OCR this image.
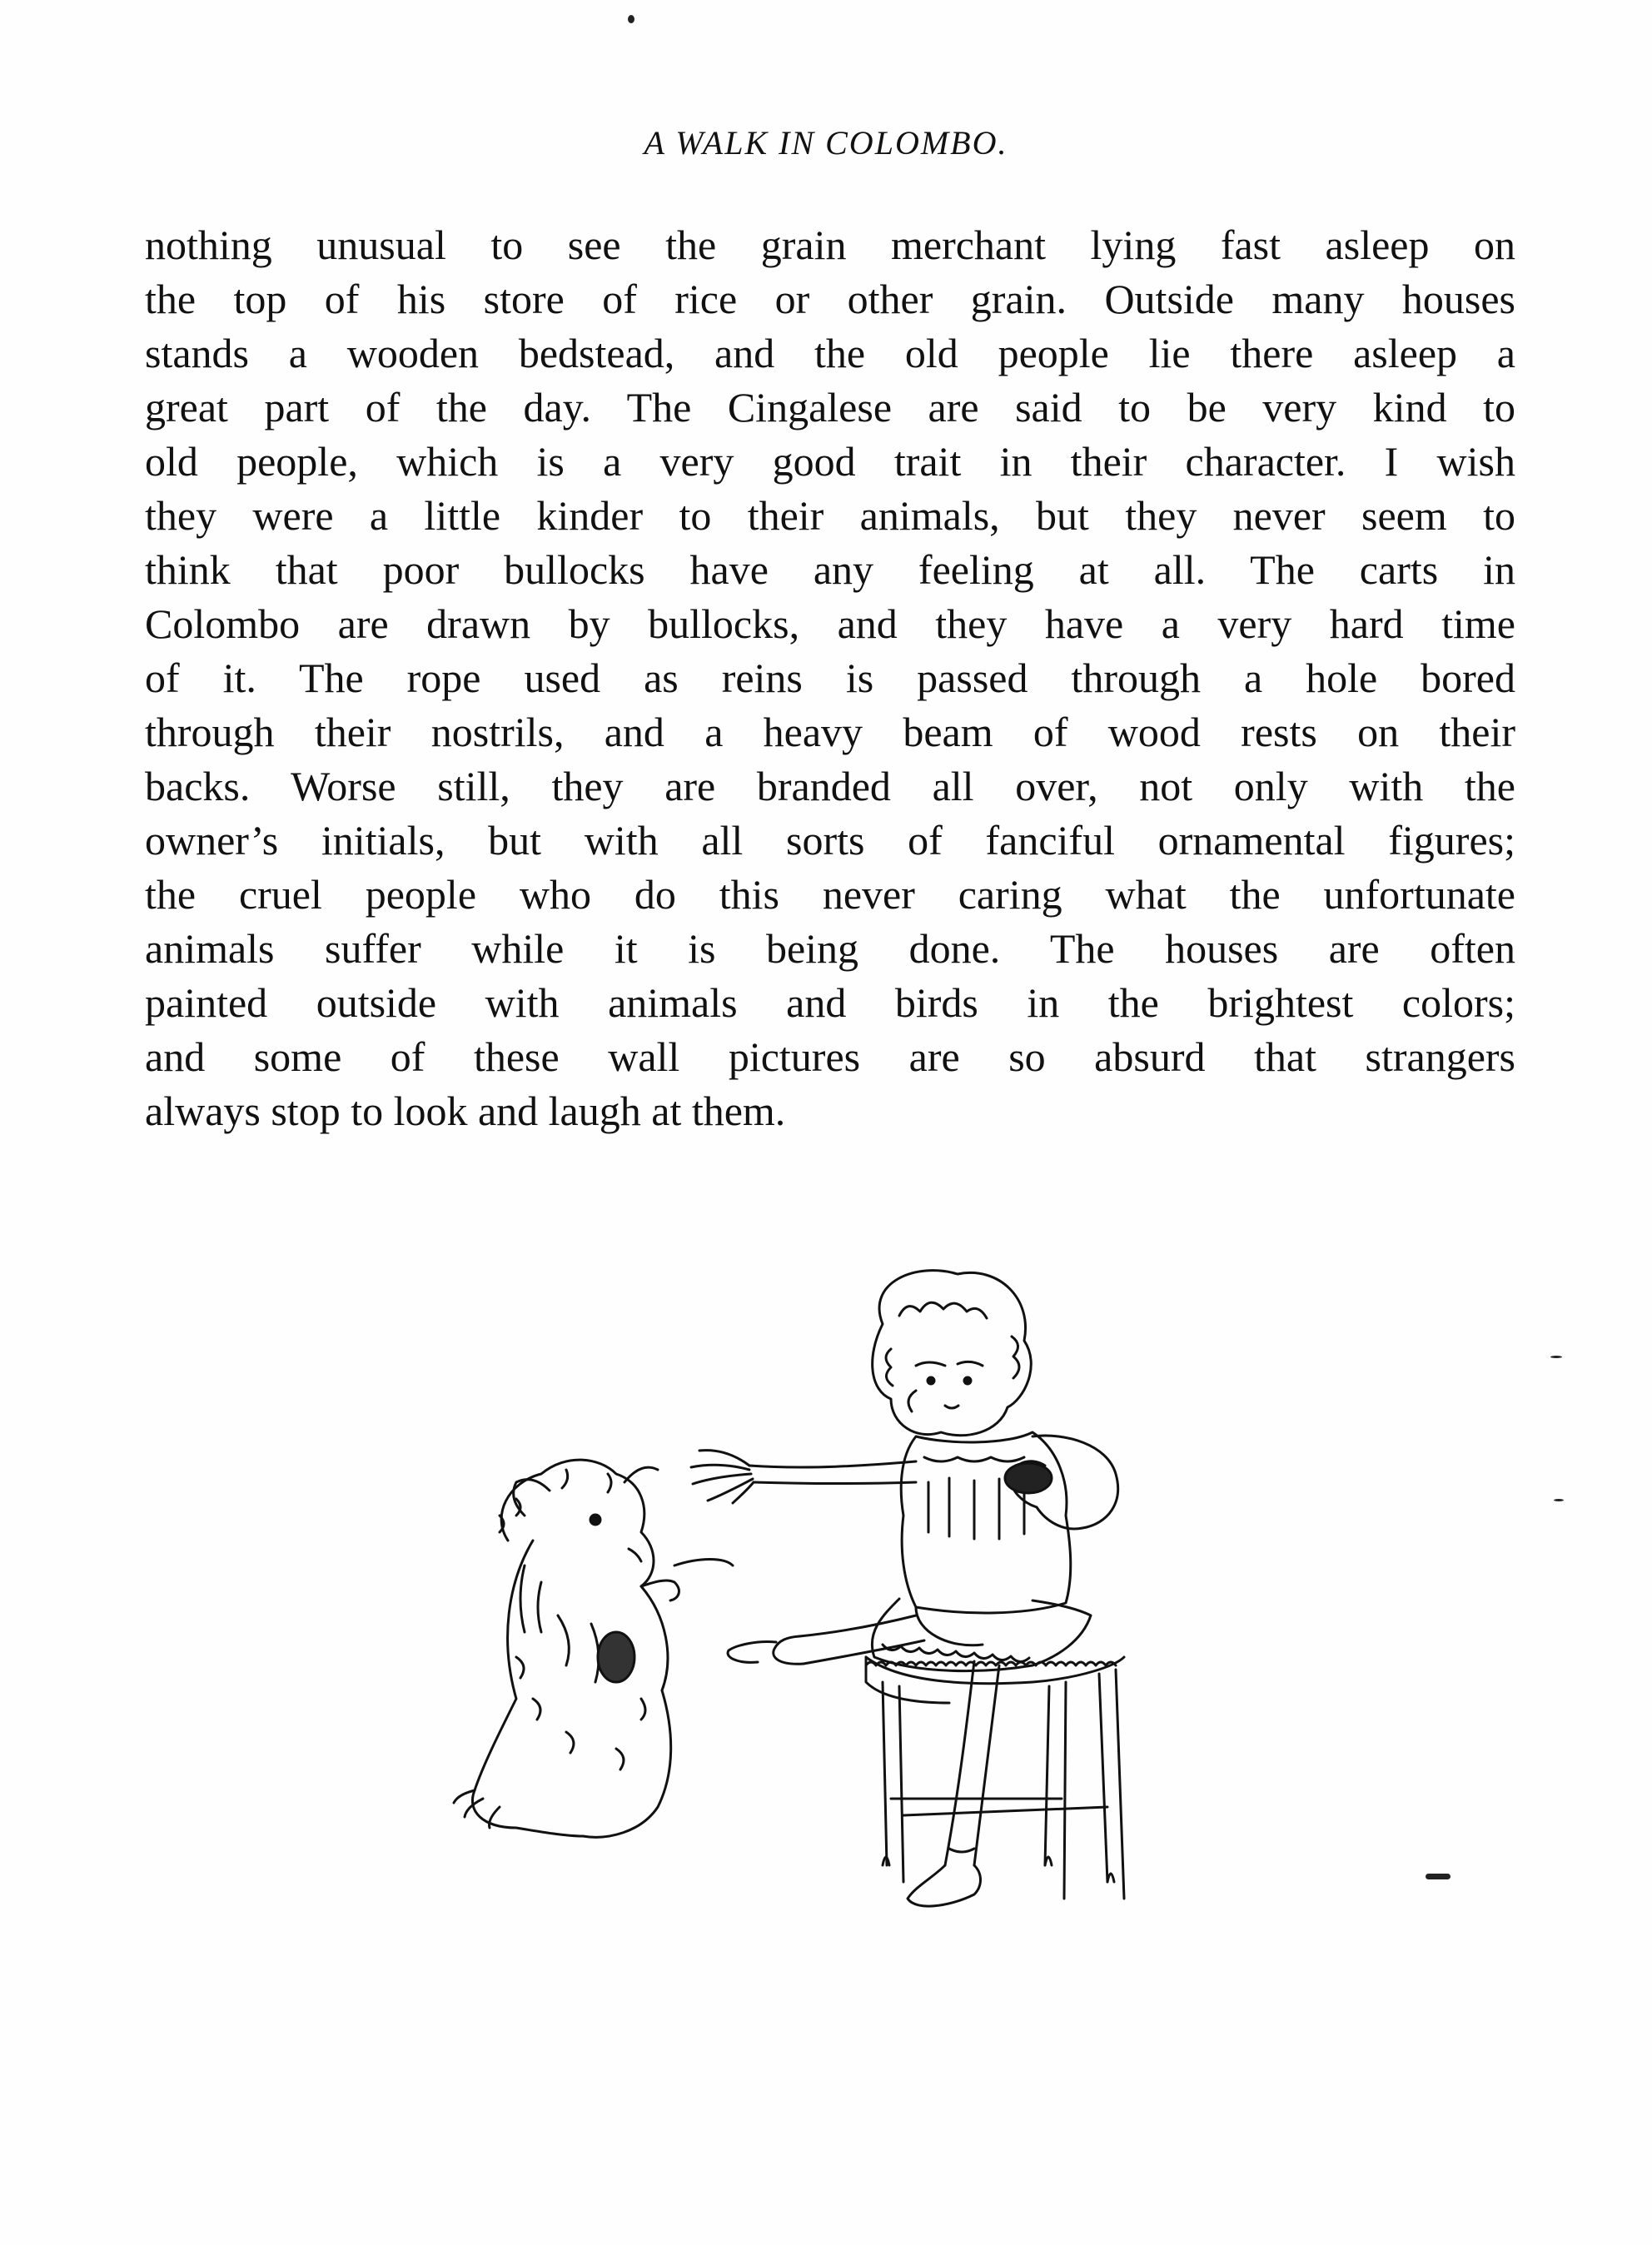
A WALK IN COLOMBO.
nothing unusual to see the grain merchant lying fast asleep on
the top of his store of rice or other grain. Outside many houses
stands a wooden bedstead, and the old people lie there asleep a
great part of the day. The Cingalese are said to be very kind to
old people, which is a very good trait in their character. I wish
they were a little kinder to their animals, but they never seem to
think that poor bullocks have any feeling at all. The carts in
Colombo are drawn by bullocks, and they have a very hard time
of it. The rope used as reins is passed through a hole bored
through their nostrils, and a heavy beam of wood rests on their
backs. Worse still, they are branded all over, not only with the
owner’s initials, but with all sorts of fanciful ornamental figures;
the cruel people who do this never caring what the unfortunate
animals suffer while it is being done. The houses are often
painted outside with animals and birds in the brightest colors;
and some of these wall pictures are so absurd that strangers
always stop to look and laugh at them.
